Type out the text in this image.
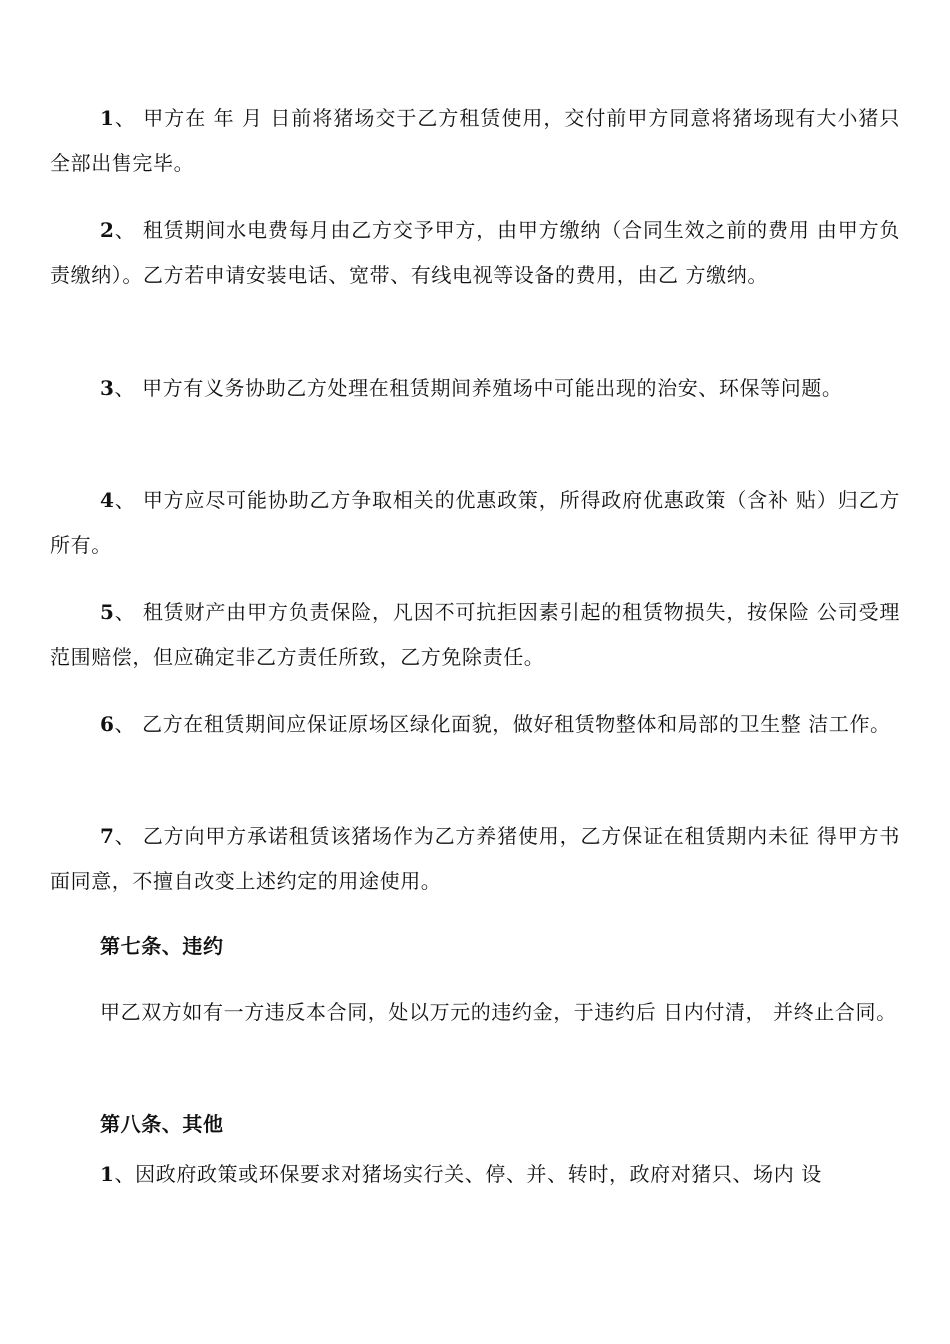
1、 甲方在 年 月 日前将猪场交于乙方租赁使用，交付前甲方同意将猪场现有大小猪只全部出售完毕。

2、 租赁期间水电费每月由乙方交予甲方，由甲方缴纳（合同生效之前的费用 由甲方负责缴纳）。乙方若申请安装电话、宽带、有线电视等设备的费用，由乙 方缴纳。

3、 甲方有义务协助乙方处理在租赁期间养殖场中可能出现的治安、环保等问题。

4、 甲方应尽可能协助乙方争取相关的优惠政策，所得政府优惠政策（含补 贴）归乙方所有。

5、 租赁财产由甲方负责保险，凡因不可抗拒因素引起的租赁物损失，按保险 公司受理范围赔偿，但应确定非乙方责任所致，乙方免除责任。

6、 乙方在租赁期间应保证原场区绿化面貌，做好租赁物整体和局部的卫生整 洁工作。

7、 乙方向甲方承诺租赁该猪场作为乙方养猪使用，乙方保证在租赁期内未征 得甲方书面同意，不擅自改变上述约定的用途使用。

第七条、违约

甲乙双方如有一方违反本合同，处以万元的违约金，于违约后 日内付清， 并终止合同。

第八条、其他

1、因政府政策或环保要求对猪场实行关、停、并、转时，政府对猪只、场内 设
